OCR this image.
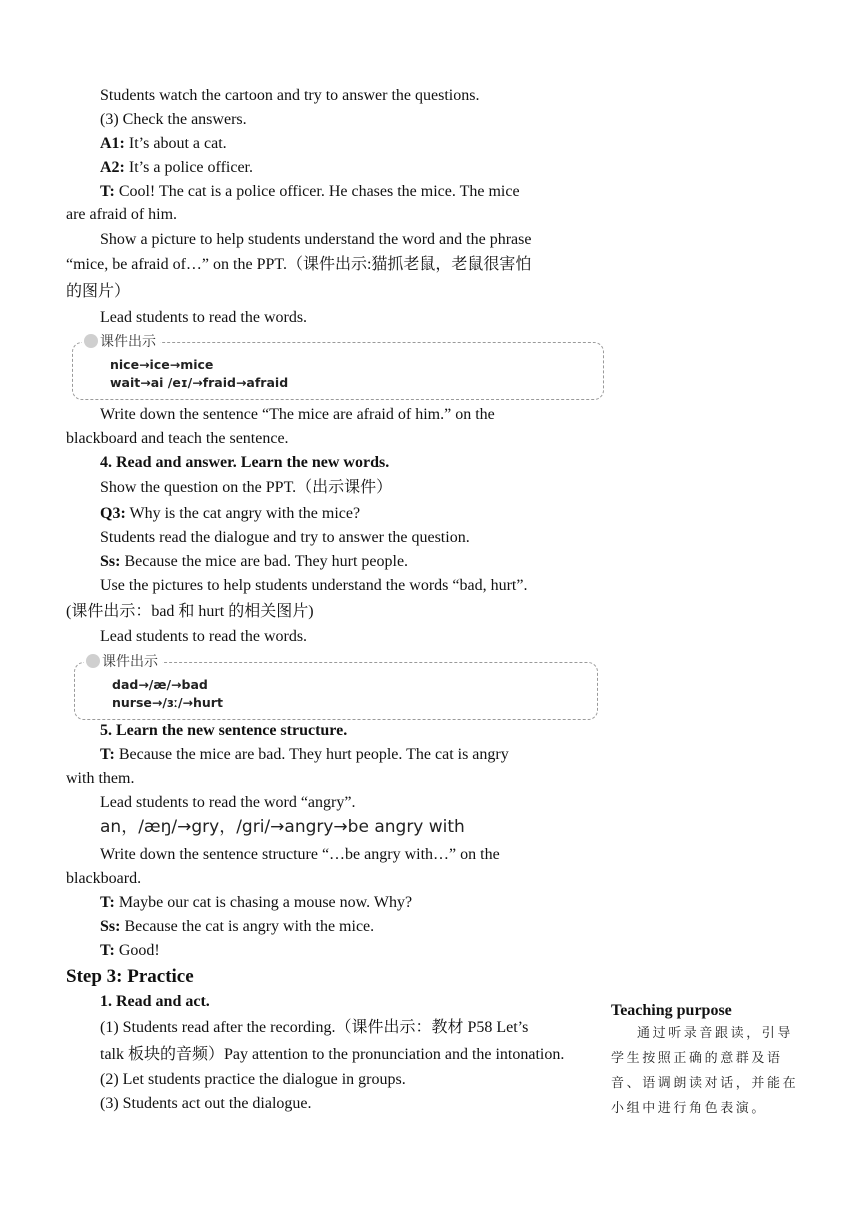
Students watch the cartoon and try to answer the questions.
(3) Check the answers.
A1: It’s about a cat.
A2: It’s a police officer.
T: Cool! The cat is a police officer. He chases the mice. The mice
are afraid of him.
Show a picture to help students understand the word and the phrase
“mice, be afraid of…” on the PPT.（课件出示:猫抓老鼠，老鼠很害怕
的图片）
Lead students to read the words.
课件出示
nice→ice→mice
wait→ai /eɪ/→fraid→afraid
Write down the sentence “The mice are afraid of him.” on the
blackboard and teach the sentence.
4. Read and answer. Learn the new words.
Show the question on the PPT.（出示课件）
Q3: Why is the cat angry with the mice?
Students read the dialogue and try to answer the question.
Ss: Because the mice are bad. They hurt people.
Use the pictures to help students understand the words “bad, hurt”.
(课件出示：bad 和 hurt 的相关图片)
Lead students to read the words.
课件出示
dad→/æ/→bad
nurse→/ɜː/→hurt
5. Learn the new sentence structure.
T: Because the mice are bad. They hurt people. The cat is angry
with them.
Lead students to read the word “angry”.
an，/æŋ/→gry，/gri/→angry→be angry with
Write down the sentence structure “…be angry with…” on the
blackboard.
T: Maybe our cat is chasing a mouse now. Why?
Ss: Because the cat is angry with the mice.
T: Good!
Step 3: Practice
1. Read and act.
(1) Students read after the recording.（课件出示：教材 P58 Let’s
talk 板块的音频）Pay attention to the pronunciation and the intonation.
(2) Let students practice the dialogue in groups.
(3) Students act out the dialogue.
Teaching purpose

通过听录音跟读，引导

学生按照正确的意群及语

音、语调朗读对话，并能在

小组中进行角色表演。
